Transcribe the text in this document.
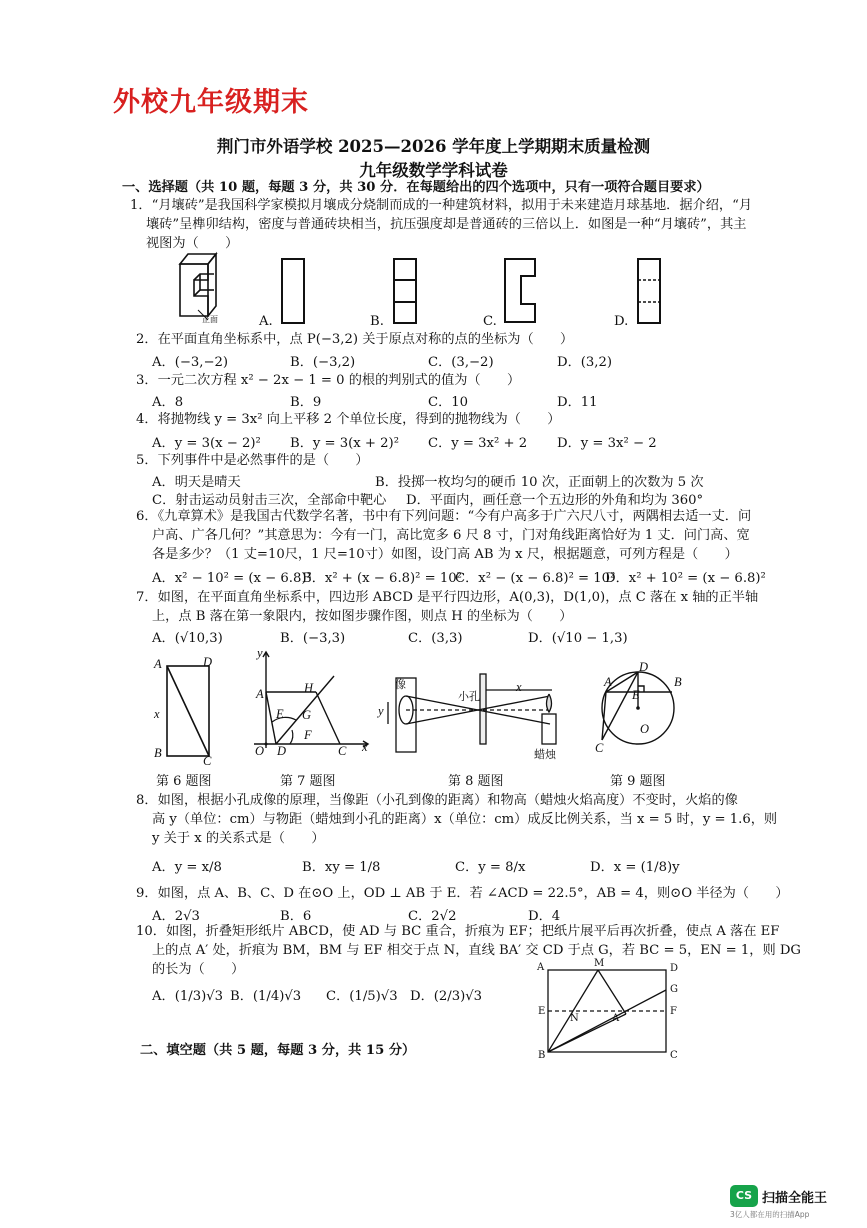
外校九年级期末
荆门市外语学校 2025—2026 学年度上学期期末质量检测
九年级数学学科试卷
一、选择题（共 10 题，每题 3 分，共 30 分．在每题给出的四个选项中，只有一项符合题目要求）
1．“月壤砖”是我国科学家模拟月壤成分烧制而成的一种建筑材料，拟用于未来建造月球基地．据介绍，“月
壤砖”呈榫卯结构，密度与普通砖块相当，抗压强度却是普通砖的三倍以上．如图是一种“月壤砖”，其主
视图为（　　）
正面	A.	B.	C.	D.
2．在平面直角坐标系中，点 P(−3,2) 关于原点对称的点的坐标为（　　）
A．(−3,−2)	B．(−3,2)	C．(3,−2)	D．(3,2)
3．一元二次方程 x² − 2x − 1 = 0 的根的判别式的值为（　　）
A．8	B．9	C．10	D．11
4．将抛物线 y = 3x² 向上平移 2 个单位长度，得到的抛物线为（　　）
A．y = 3(x − 2)² B．y = 3(x + 2)² C．y = 3x² + 2 D．y = 3x² − 2
5．下列事件中是必然事件的是（　　）
A．明天是晴天	B．投掷一枚均匀的硬币 10 次，正面朝上的次数为 5 次
C．射击运动员射击三次，全部命中靶心 D．平面内，画任意一个五边形的外角和均为 360°
6．《九章算术》是我国古代数学名著，书中有下列问题：“今有户高多于广六尺八寸，两隅相去适一丈．问
户高、广各几何？”其意思为：今有一门，高比宽多 6 尺 8 寸，门对角线距离恰好为 1 丈．问门高、宽
各是多少？（1 丈=10尺，1 尺=10寸）如图，设门高 AB 为 x 尺，根据题意，可列方程是（　　）
A．x² − 10² = (x − 6.8)²
B．x² + (x − 6.8)² = 10²
C．x² − (x − 6.8)² = 10²
D．x² + 10² = (x − 6.8)²
7．如图，在平面直角坐标系中，四边形 ABCD 是平行四边形，A(0,3)，D(1,0)，点 C 落在 x 轴的正半轴
上，点 B 落在第一象限内，按如图步骤作图，则点 H 的坐标为（　　）
A．(√10,3)	B．(−3,3)	C．(3,3)	D．(√10 − 1,3)
A	D
x
B
C
第 6 题图
y
A	H
E G
F
O D	C x
第 7 题图
像
小孔
x
y
蜡烛
第 8 题图
A
D
B
E
O
C
第 9 题图
8．如图，根据小孔成像的原理，当像距（小孔到像的距离）和物高（蜡烛火焰高度）不变时，火焰的像
高 y（单位：cm）与物距（蜡烛到小孔的距离）x（单位：cm）成反比例关系，当 x = 5 时，y = 1.6，则
y 关于 x 的关系式是（　　）
A．y = x/8	B．xy = 1/8	C．y = 8/x	D．x = (1/8)y
9．如图，点 A、B、C、D 在⊙O 上，OD ⊥ AB 于 E．若 ∠ACD = 22.5°，AB = 4，则⊙O 半径为（　　）
A．2√3	B．6	C．2√2	D．4
10．如图，折叠矩形纸片 ABCD，使 AD 与 BC 重合，折痕为 EF；把纸片展平后再次折叠，使点 A 落在 EF
上的点 A′ 处，折痕为 BM，BM 与 EF 相交于点 N，直线 BA′ 交 CD 于点 G，若 BC = 5，EN = 1，则 DG
的长为（　　）
A．(1/3)√3 B．(1/4)√3 C．(1/5)√3 D．(2/3)√3
A	M	D
G
E
N	A′
F
B	C
二、填空题（共 5 题，每题 3 分，共 15 分）
CS 扫描全能王
3亿人都在用的扫描App
